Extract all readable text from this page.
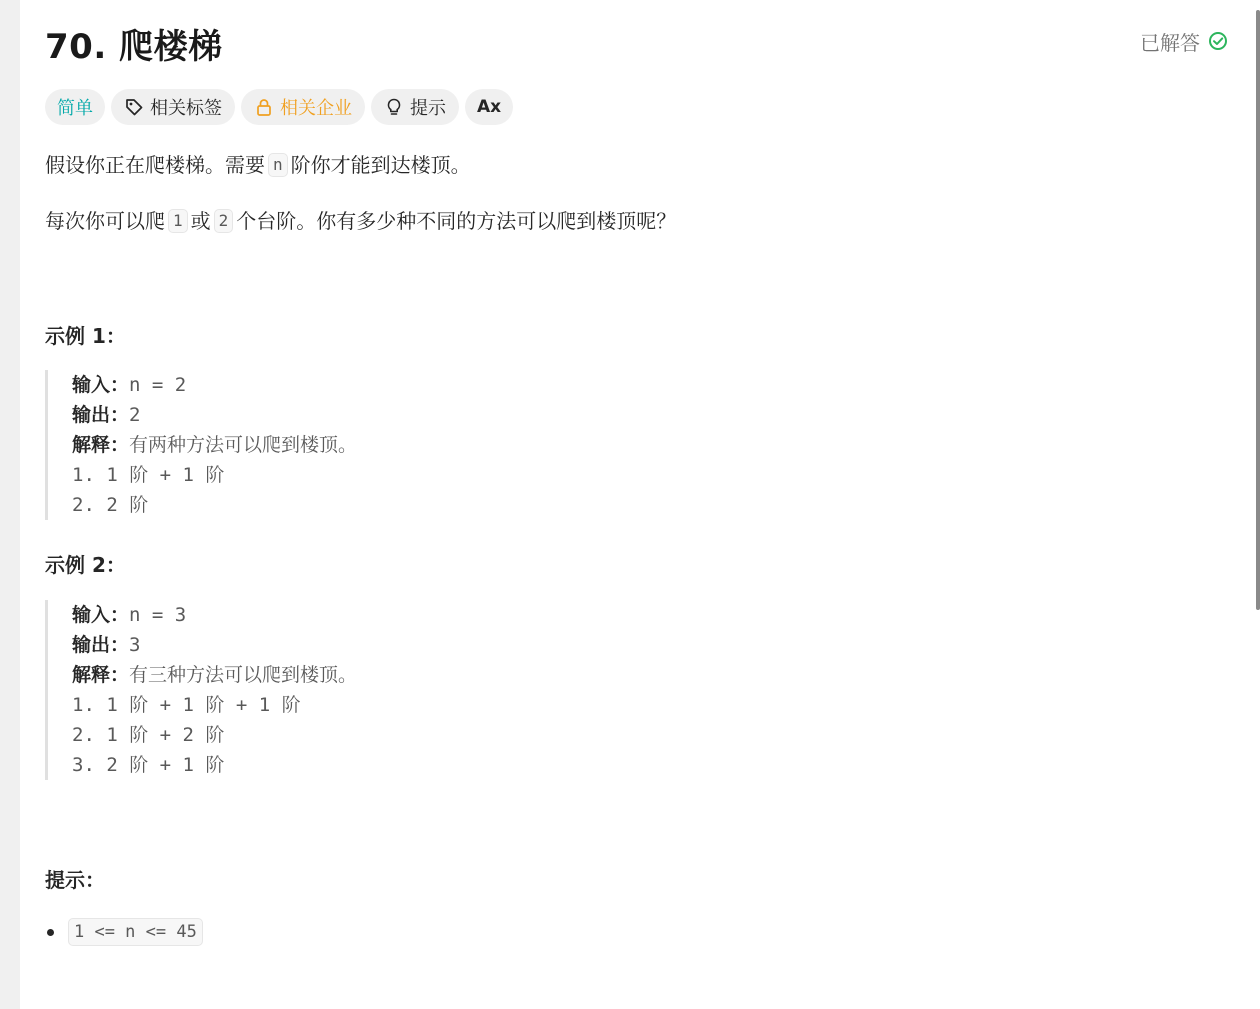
70. 爬楼梯	已解答
简单	相关标签	相关企业	提示 Ax
假设你正在爬楼梯。需要 n 阶你才能到达楼顶。
每次你可以爬 1 或 2 个台阶。你有多少种不同的方法可以爬到楼顶呢？
示例 1：
输入：n = 2
输出：2
解释：有两种方法可以爬到楼顶。
1. 1 阶 + 1 阶
2. 2 阶
示例 2：
输入：n = 3
输出：3
解释：有三种方法可以爬到楼顶。
1. 1 阶 + 1 阶 + 1 阶
2. 1 阶 + 2 阶
3. 2 阶 + 1 阶
提示：
1 <= n <= 45
